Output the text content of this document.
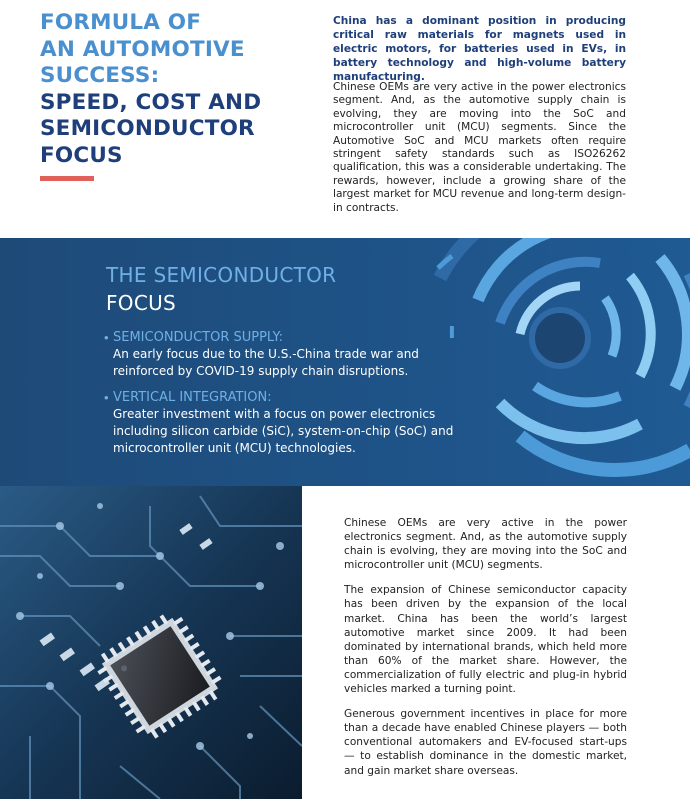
FORMULA OF
AN AUTOMOTIVE
SUCCESS:
SPEED, COST AND
SEMICONDUCTOR
FOCUS
China has a dominant position in producing critical raw materials for magnets used in electric motors, for batteries used in EVs, in battery technology and high-volume battery manufacturing.
Chinese OEMs are very active in the power electronics segment. And, as the automotive supply chain is evolving, they are moving into the SoC and microcontroller unit (MCU) segments. Since the Automotive SoC and MCU markets often require stringent safety standards such as ISO26262 qualification, this was a considerable undertaking. The rewards, however, include a growing share of the largest market for MCU revenue and long-term design-in contracts.
THE SEMICONDUCTOR
FOCUS
• SEMICONDUCTOR SUPPLY:
An early focus due to the U.S.-China trade war and reinforced by COVID-19 supply chain disruptions.
• VERTICAL INTEGRATION:
Greater investment with a focus on power electronics including silicon carbide (SiC), system-on-chip (SoC) and microcontroller unit (MCU) technologies.

Chinese OEMs are very active in the power electronics segment. And, as the automotive supply chain is evolving, they are moving into the SoC and microcontroller unit (MCU) segments.

The expansion of Chinese semiconductor capacity has been driven by the expansion of the local market. China has been the world’s largest automotive market since 2009. It had been dominated by international brands, which held more than 60% of the market share. However, the commercialization of fully electric and plug-in hybrid vehicles marked a turning point.

Generous government incentives in place for more than a decade have enabled Chinese players — both conventional automakers and EV-focused start-ups — to establish dominance in the domestic market, and gain market share overseas.
